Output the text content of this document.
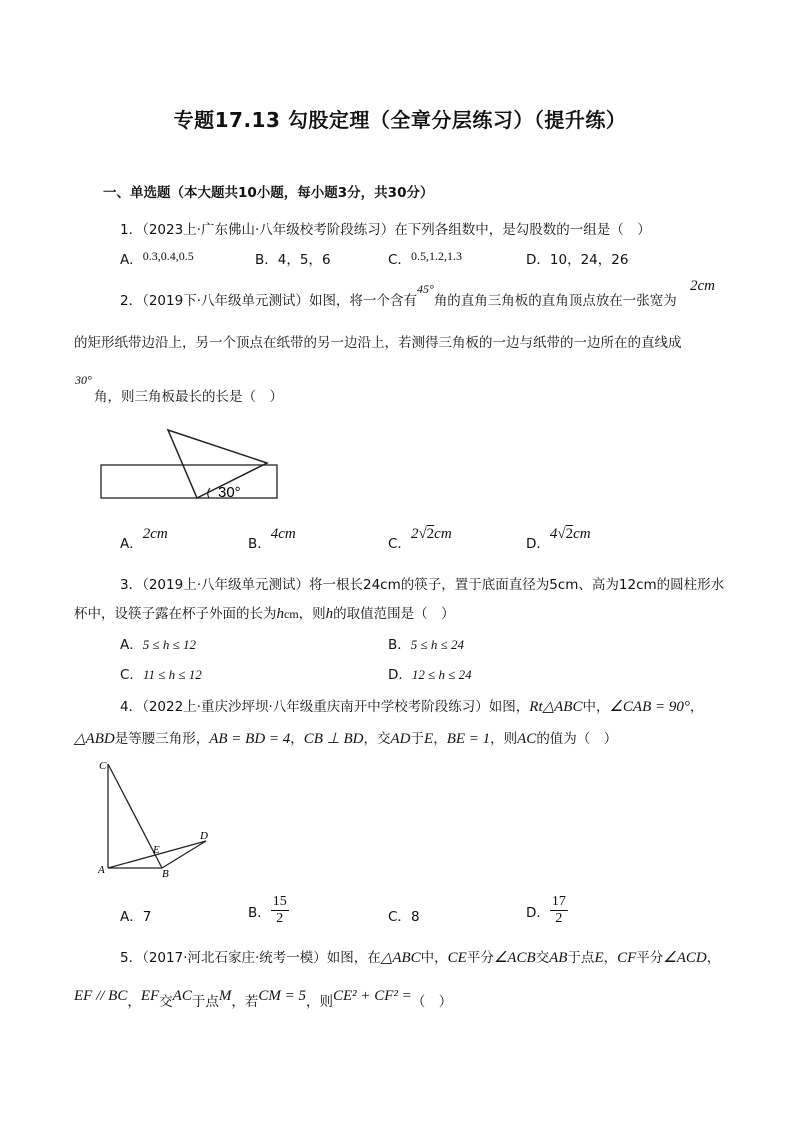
专题17.13 勾股定理（全章分层练习）（提升练）
一、单选题（本大题共10小题，每小题3分，共30分）
1．（2023上·广东佛山·八年级校考阶段练习）在下列各组数中，是勾股数的一组是（　）
A．0.3,0.4,0.5	B．4，5，6	C．0.5,1.2,1.3	D．10，24，26
2．（2019下·八年级单元测试）如图，将一个含有45°角的直角三角板的直角顶点放在一张宽为
2cm
的矩形纸带边沿上，另一个顶点在纸带的另一边沿上，若测得三角板的一边与纸带的一边所在的直线成
30°
角，则三角板最长的长是（　）
30°
A．2cm
B．4cm
C．2√2cm
D．4√2cm
3．（2019上·八年级单元测试）将一根长24cm的筷子，置于底面直径为5cm、高为12cm的圆柱形水
杯中，设筷子露在杯子外面的长为hcm，则h的取值范围是（　）
A．5 ≤ h ≤ 12	B．5 ≤ h ≤ 24
C．11 ≤ h ≤ 12	D．12 ≤ h ≤ 24
4．（2022上·重庆沙坪坝·八年级重庆南开中学校考阶段练习）如图，Rt△ABC中，∠CAB = 90°，
△ABD是等腰三角形，AB = BD = 4，CB ⊥ BD，交AD于E，BE = 1，则AC的值为（　）
C
A	B
D
E
A．7	B． $\frac{15}{2}$	C．8	D． $\frac{17}{2}$
5．（2017·河北石家庄·统考一模）如图，在△ABC中，CE平分∠ACB交AB于点E，CF平分∠ACD，
EF // BC，EF交AC于点M，若CM = 5，则CE² + CF² =（　）
